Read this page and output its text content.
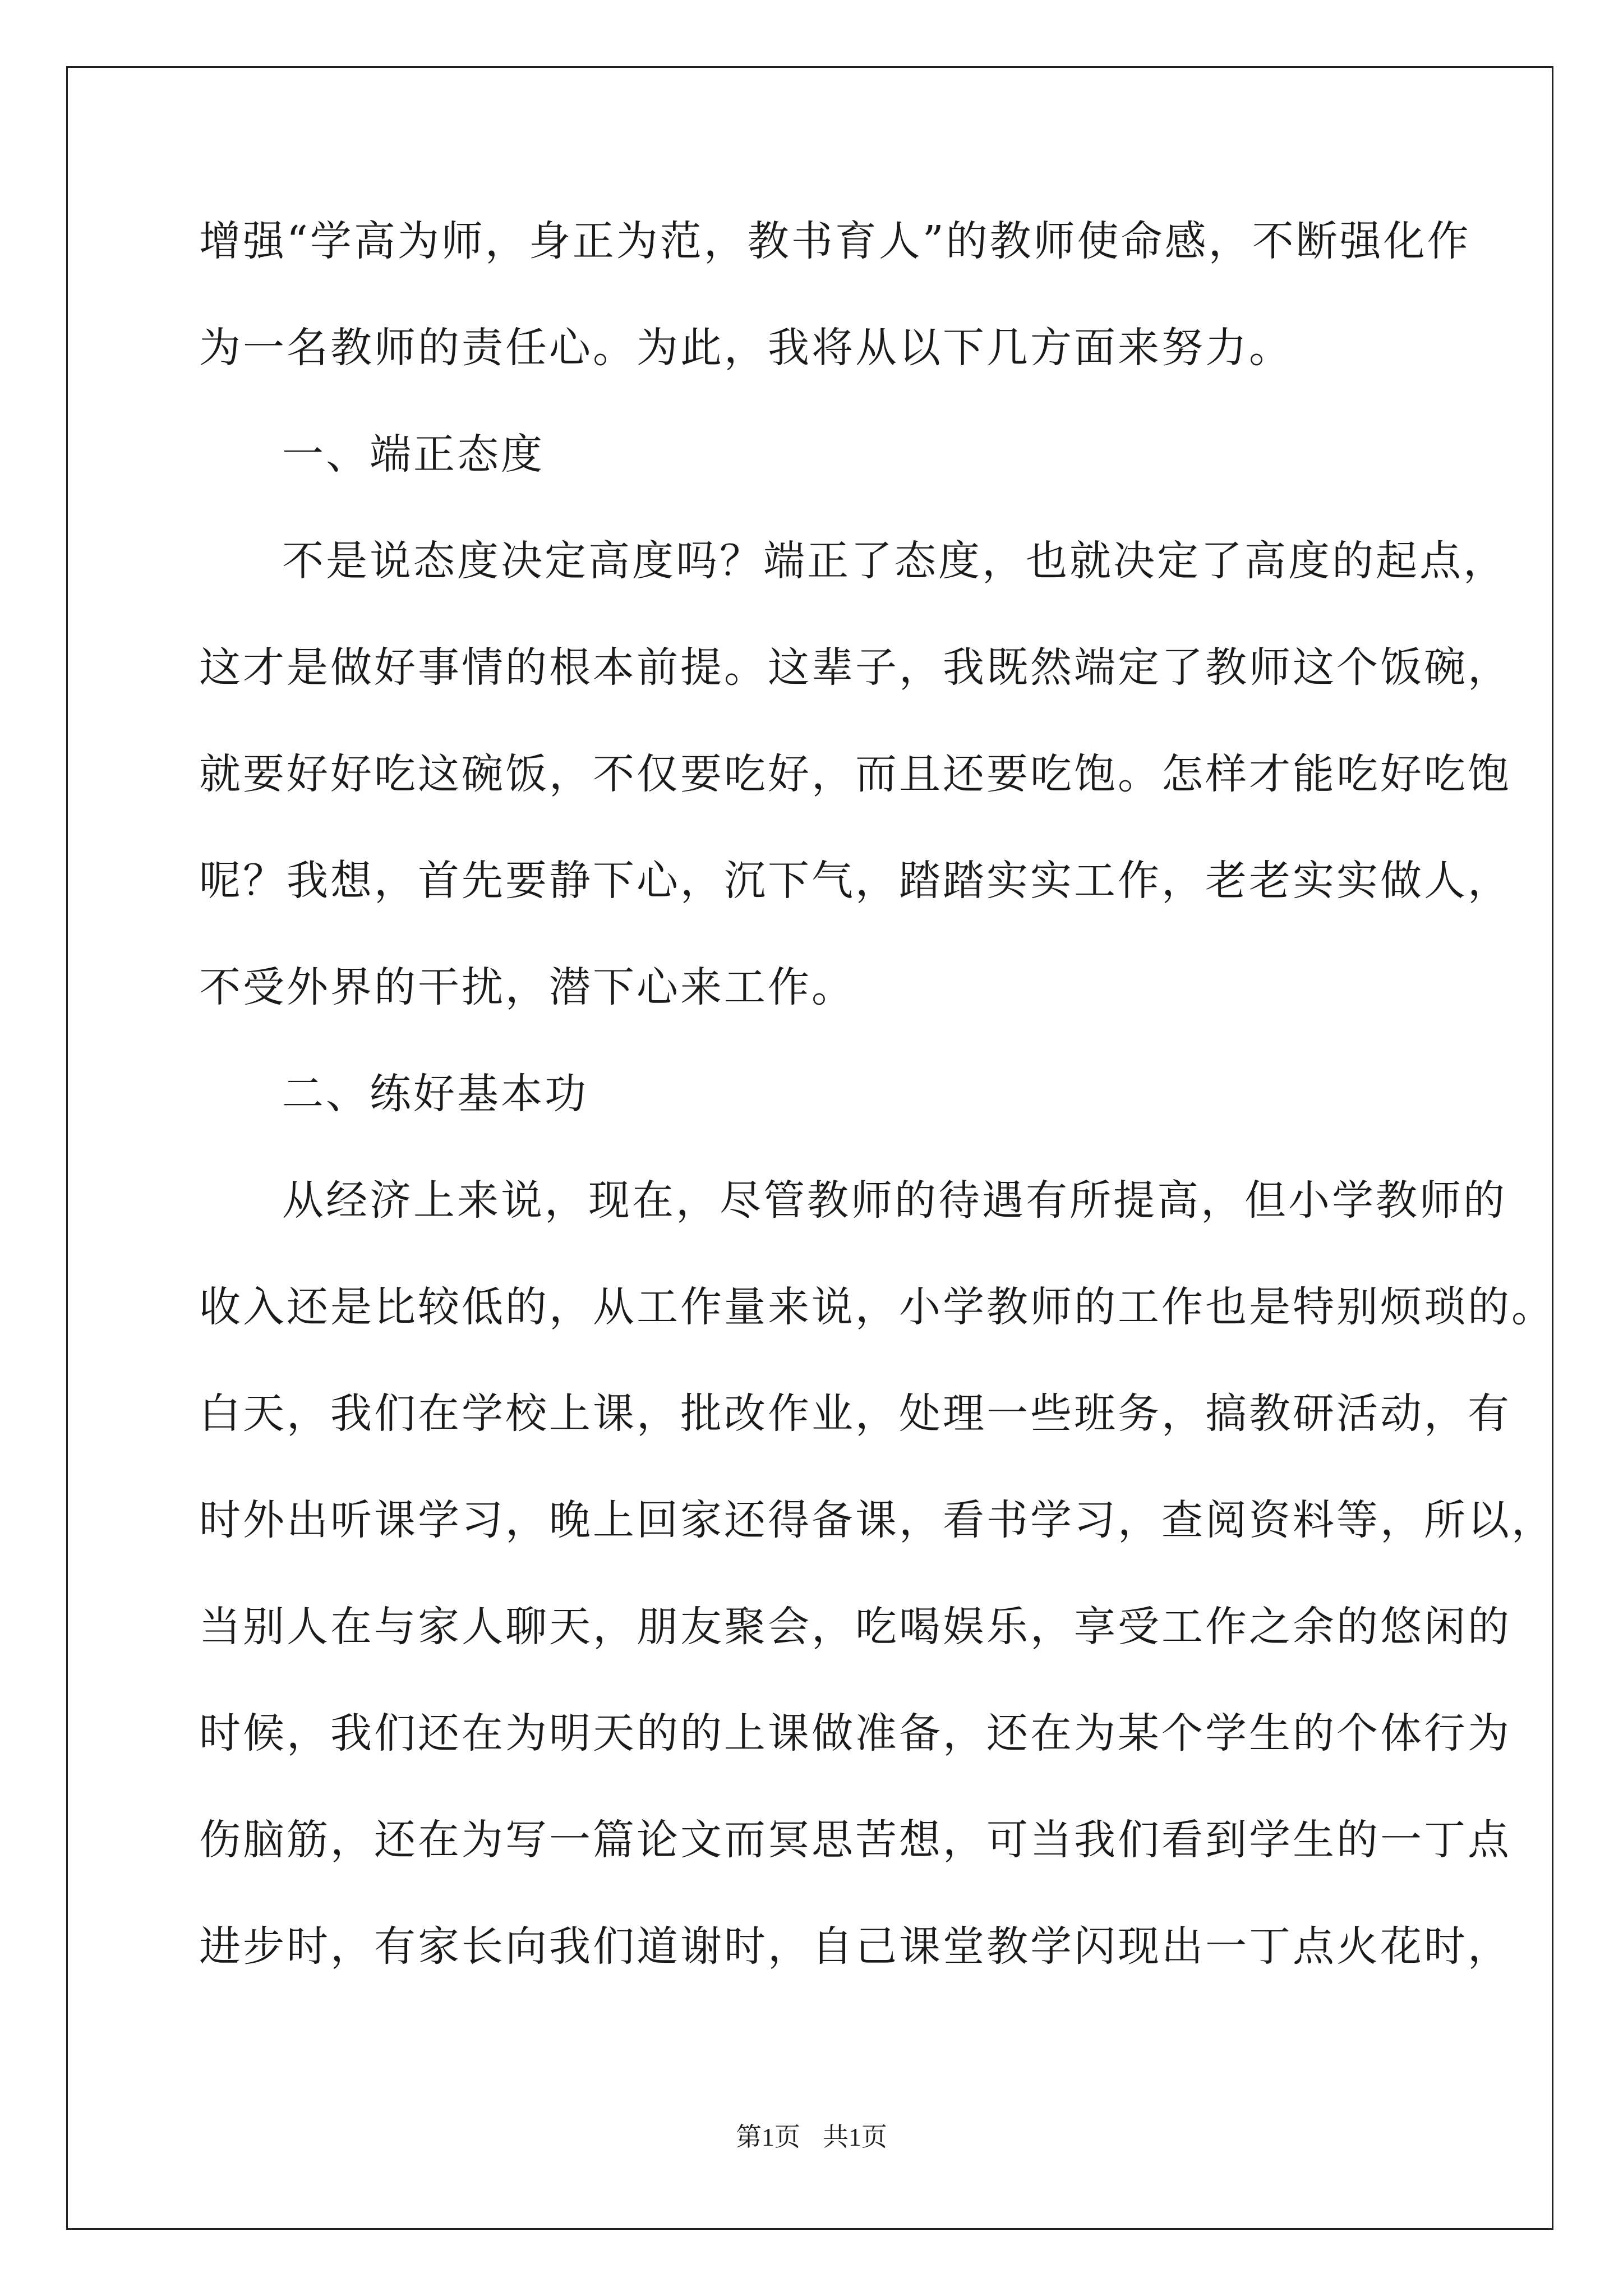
增强“学高为师，身正为范，教书育人”的教师使命感，不断强化作
为一名教师的责任心。为此，我将从以下几方面来努力。
一、端正态度
不是说态度决定高度吗？端正了态度，也就决定了高度的起点，
这才是做好事情的根本前提。这辈子，我既然端定了教师这个饭碗，
就要好好吃这碗饭，不仅要吃好，而且还要吃饱。怎样才能吃好吃饱
呢？我想，首先要静下心，沉下气，踏踏实实工作，老老实实做人，
不受外界的干扰，潜下心来工作。
二、练好基本功
从经济上来说，现在，尽管教师的待遇有所提高，但小学教师的
收入还是比较低的，从工作量来说，小学教师的工作也是特别烦琐的。
白天，我们在学校上课，批改作业，处理一些班务，搞教研活动，有
时外出听课学习，晚上回家还得备课，看书学习，查阅资料等，所以，
当别人在与家人聊天，朋友聚会，吃喝娱乐，享受工作之余的悠闲的
时候，我们还在为明天的的上课做准备，还在为某个学生的个体行为
伤脑筋，还在为写一篇论文而冥思苦想，可当我们看到学生的一丁点
进步时，有家长向我们道谢时，自己课堂教学闪现出一丁点火花时，
第1页 共1页
